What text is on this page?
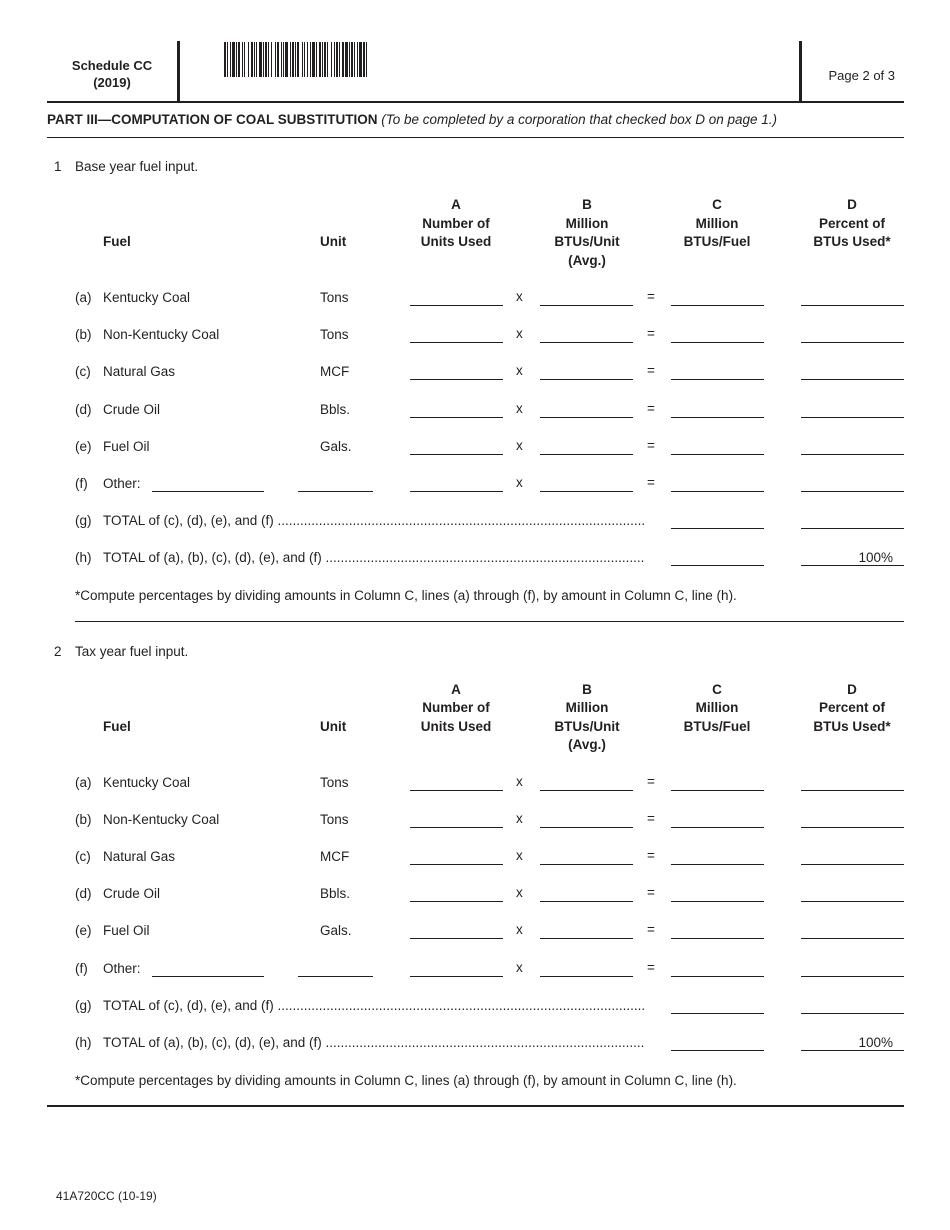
Schedule CC
(2019)	Page 2 of 3
PART III—COMPUTATION OF COAL SUBSTITUTION (To be completed by a corporation that checked box D on page 1.)
1 Base year fuel input.
Fuel	Unit
A
Number of
Units Used
B
Million
BTUs/Unit
(Avg.)
C
Million
BTUs/Fuel
D
Percent of
BTUs Used*
(a) Kentucky Coal	Tons	x	=
(b) Non-Kentucky Coal	Tons	x	=
(c) Natural Gas	MCF	x	=
(d) Crude Oil	Bbls.	x	=
(e) Fuel Oil	Gals.	x	=
(f) Other:	x	=
(g) TOTAL of (c), (d), (e), and (f) ..................................................................................................
(h) TOTAL of (a), (b), (c), (d), (e), and (f) .....................................................................................	100%
*Compute percentages by dividing amounts in Column C, lines (a) through (f), by amount in Column C, line (h).
2 Tax year fuel input.
Fuel	Unit
A
Number of
Units Used
B
Million
BTUs/Unit
(Avg.)
C
Million
BTUs/Fuel
D
Percent of
BTUs Used*
(a) Kentucky Coal	Tons	x	=
(b) Non-Kentucky Coal	Tons	x	=
(c) Natural Gas	MCF	x	=
(d) Crude Oil	Bbls.	x	=
(e) Fuel Oil	Gals.	x	=
(f) Other:	x	=
(g) TOTAL of (c), (d), (e), and (f) ..................................................................................................
(h) TOTAL of (a), (b), (c), (d), (e), and (f) .....................................................................................	100%
*Compute percentages by dividing amounts in Column C, lines (a) through (f), by amount in Column C, line (h).
41A720CC (10-19)
